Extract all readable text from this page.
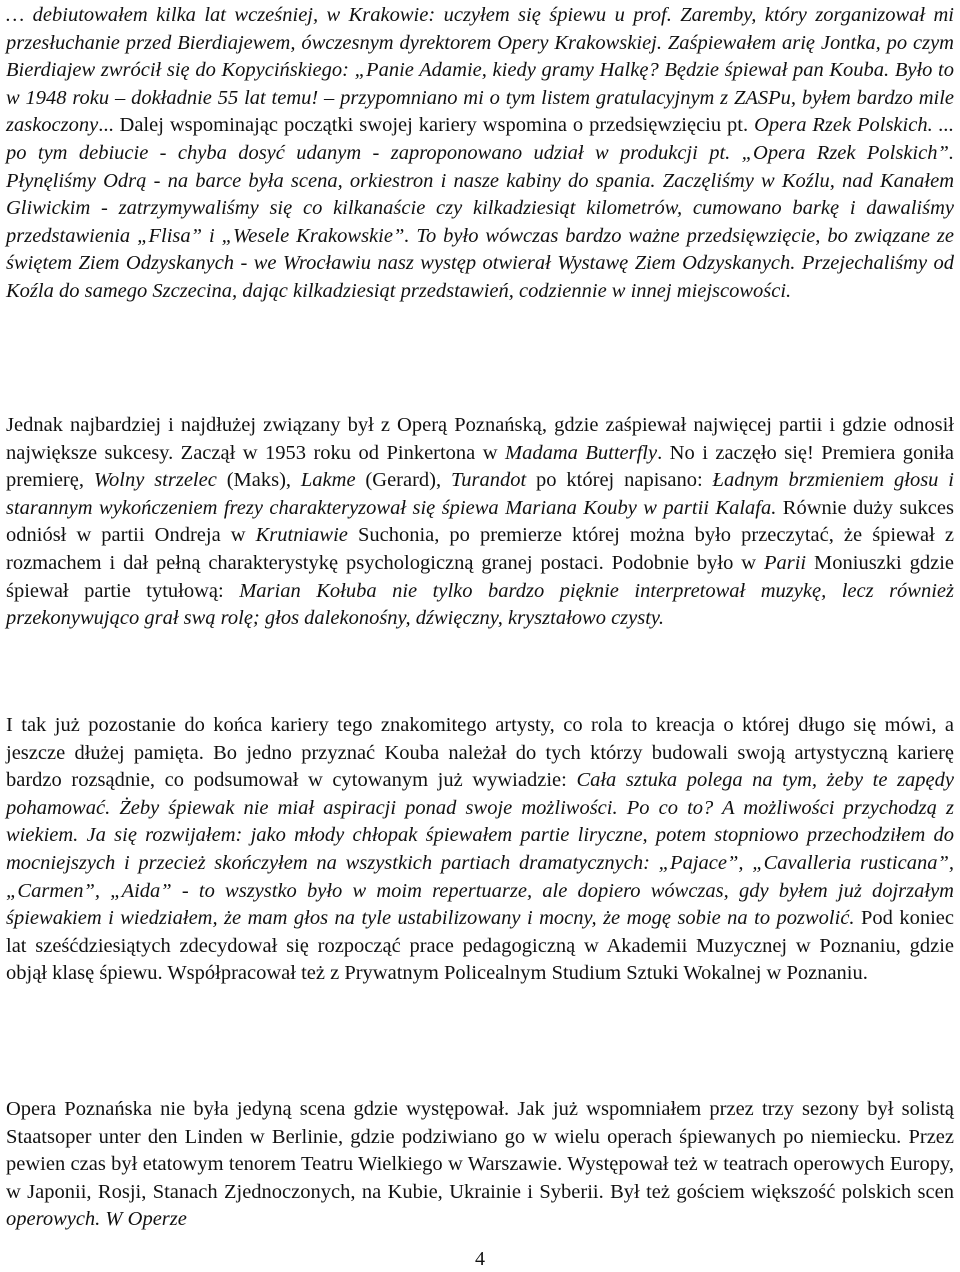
… debiutowałem kilka lat wcześniej, w Krakowie: uczyłem się śpiewu u prof. Zaremby, który zorganizował mi przesłuchanie przed Bierdiajewem, ówczesnym dyrektorem Opery Krakowskiej. Zaśpiewałem arię Jontka, po czym Bierdiajew zwrócił się do Kopycińskiego: „Panie Adamie, kiedy gramy Halkę? Będzie śpiewał pan Kouba. Było to w 1948 roku – dokładnie 55 lat temu! – przypomniano mi o tym listem gratulacyjnym z ZASPu, byłem bardzo mile zaskoczony... Dalej wspominając początki swojej kariery wspomina o przedsięwzięciu pt. Opera Rzek Polskich. ... po tym debiucie - chyba dosyć udanym - zaproponowano udział w produkcji pt. „Opera Rzek Polskich”. Płynęliśmy Odrą - na barce była scena, orkiestron i nasze kabiny do spania. Zaczęliśmy w Koźlu, nad Kanałem Gliwickim - zatrzymywaliśmy się co kilkanaście czy kilkadziesiąt kilometrów, cumowano barkę i dawaliśmy przedstawienia „Flisa” i „Wesele Krakowskie”. To było wówczas bardzo ważne przedsięwzięcie, bo związane ze świętem Ziem Odzyskanych - we Wrocławiu nasz występ otwierał Wystawę Ziem Odzyskanych. Przejechaliśmy od Koźla do samego Szczecina, dając kilkadziesiąt przedstawień, codziennie w innej miejscowości.

Jednak najbardziej i najdłużej związany był z Operą Poznańską, gdzie zaśpiewał najwięcej partii i gdzie odnosił największe sukcesy. Zaczął w 1953 roku od Pinkertona w Madama Butterfly. No i zaczęło się! Premiera goniła premierę, Wolny strzelec (Maks), Lakme (Gerard), Turandot po której napisano: Ładnym brzmieniem głosu i starannym wykończeniem frezy charakteryzował się śpiewa Mariana Kouby w partii Kalafa. Równie duży sukces odniósł w partii Ondreja w Krutniawie Suchonia, po premierze której można było przeczytać, że śpiewał z rozmachem i dał pełną charakterystykę psychologiczną granej postaci. Podobnie było w Parii Moniuszki gdzie śpiewał partie tytułową: Marian Kołuba nie tylko bardzo pięknie interpretował muzykę, lecz również przekonywująco grał swą rolę; głos dalekonośny, dźwięczny, kryształowo czysty.

I tak już pozostanie do końca kariery tego znakomitego artysty, co rola to kreacja o której długo się mówi, a jeszcze dłużej pamięta. Bo jedno przyznać Kouba należał do tych którzy budowali swoją artystyczną karierę bardzo rozsądnie, co podsumował w cytowanym już wywiadzie: Cała sztuka polega na tym, żeby te zapędy pohamować. Żeby śpiewak nie miał aspiracji ponad swoje możliwości. Po co to? A możliwości przychodzą z wiekiem. Ja się rozwijałem: jako młody chłopak śpiewałem partie liryczne, potem stopniowo przechodziłem do mocniejszych i przecież skończyłem na wszystkich partiach dramatycznych: „Pajace”, „Cavalleria rusticana”, „Carmen”, „Aida” - to wszystko było w moim repertuarze, ale dopiero wówczas, gdy byłem już dojrzałym śpiewakiem i wiedziałem, że mam głos na tyle ustabilizowany i mocny, że mogę sobie na to pozwolić. Pod koniec lat sześćdziesiątych zdecydował się rozpocząć prace pedagogiczną w Akademii Muzycznej w Poznaniu, gdzie objął klasę śpiewu. Współpracował też z Prywatnym Policealnym Studium Sztuki Wokalnej w Poznaniu.

Opera Poznańska nie była jedyną scena gdzie występował. Jak już wspomniałem przez trzy sezony był solistą Staatsoper unter den Linden w Berlinie, gdzie podziwiano go w wielu operach śpiewanych po niemiecku. Przez pewien czas był etatowym tenorem Teatru Wielkiego w Warszawie. Występował też w teatrach operowych Europy, w Japonii, Rosji, Stanach Zjednoczonych, na Kubie, Ukrainie i Syberii. Był też gościem większość polskich scen operowych. W Operze

4
